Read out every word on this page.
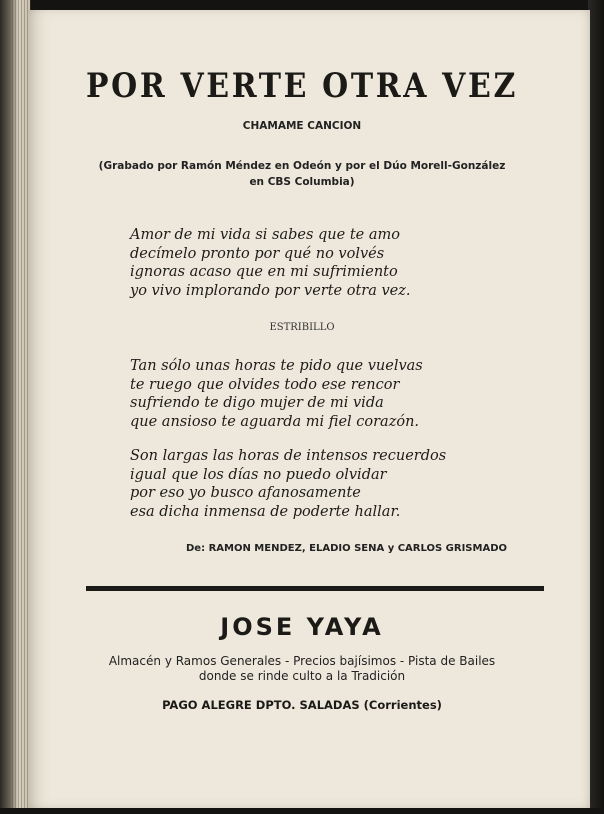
POR VERTE OTRA VEZ
CHAMAME CANCION
(Grabado por Ramón Méndez en Odeón y por el Dúo Morell-González
en CBS Columbia)
Amor de mi vida si sabes que te amo
decímelo pronto por qué no volvés
ignoras acaso que en mi sufrimiento
yo vivo implorando por verte otra vez.
ESTRIBILLO
Tan sólo unas horas te pido que vuelvas
te ruego que olvides todo ese rencor
sufriendo te digo mujer de mi vida
que ansioso te aguarda mi fiel corazón.
Son largas las horas de intensos recuerdos
igual que los días no puedo olvidar
por eso yo busco afanosamente
esa dicha inmensa de poderte hallar.
De: RAMON MENDEZ, ELADIO SENA y CARLOS GRISMADO
JOSE YAYA
Almacén y Ramos Generales - Precios bajísimos - Pista de Bailes
donde se rinde culto a la Tradición
PAGO ALEGRE DPTO. SALADAS (Corrientes)
